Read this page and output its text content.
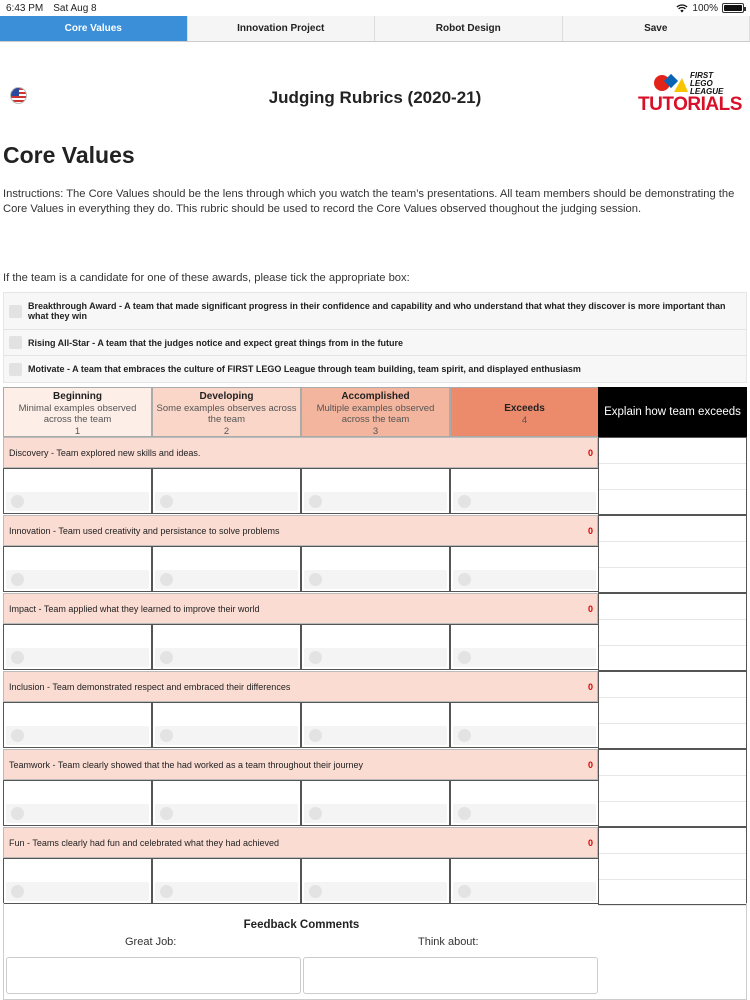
6:43 PM Sat Aug 8	100%
Core Values	Innovation Project	Robot Design	Save
Judging Rubrics (2020-21)
FIRST
LEGO
LEAGUE
TUTORIALS
Core Values

Instructions: The Core Values should be the lens through which you watch the team’s presentations. All team members should be demonstrating the Core Values in everything they do. This rubric should be used to record the Core Values observed thoughout the judging session.

If the team is a candidate for one of these awards, please tick the appropriate box:

Breakthrough Award - A team that made significant progress in their confidence and capability and who understand that what they discover is more important than what they win
Rising All-Star - A team that the judges notice and expect great things from in the future
Motivate - A team that embraces the culture of FIRST LEGO League through team building, team spirit, and displayed enthusiasm
Beginning
Minimal examples observed across the team
1
Developing
Some examples observes across the team
2
Accomplished
Multiple examples observed across the team
3
Exceeds
4
Explain how team exceeds
Discovery - Team explored new skills and ideas.	0
Innovation - Team used creativity and persistance to solve problems	0
Impact - Team applied what they learned to improve their world	0
Inclusion - Team demonstrated respect and embraced their differences	0
Teamwork - Team clearly showed that the had worked as a team throughout their journey	0
Fun - Teams clearly had fun and celebrated what they had achieved	0
Feedback Comments
Great Job:	Think about:
